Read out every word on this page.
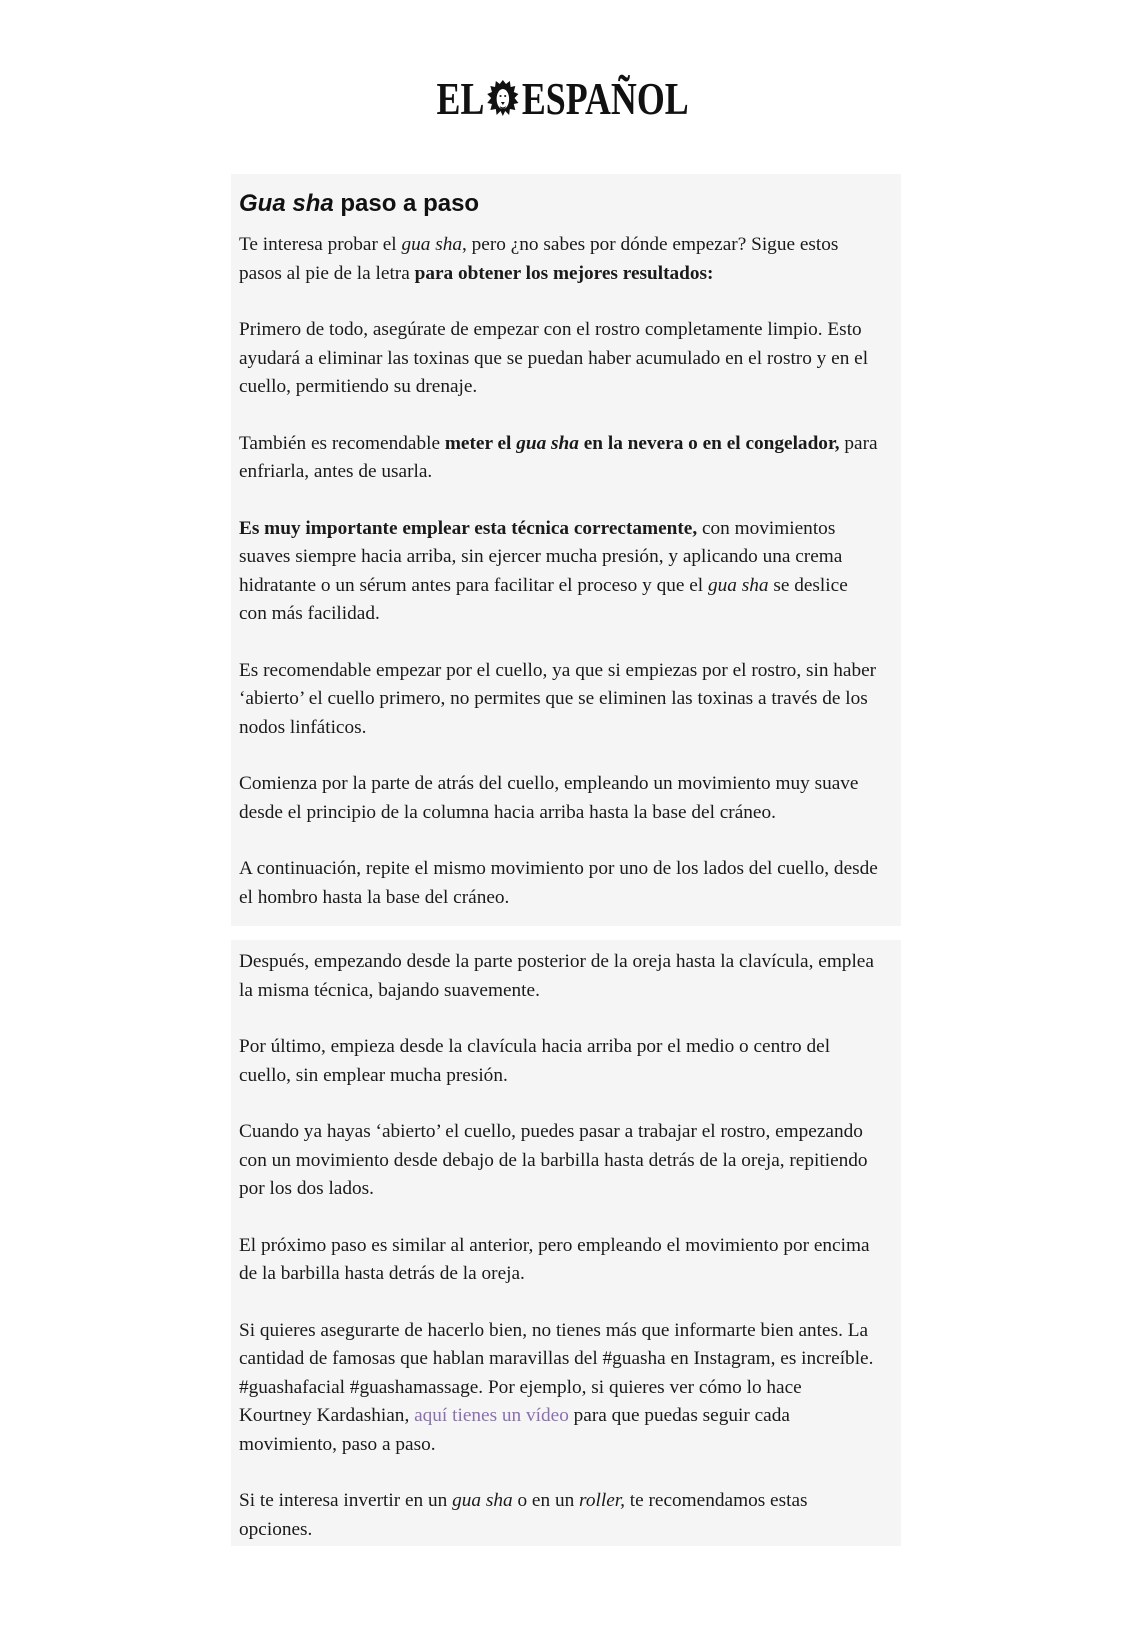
EL ESPAÑOL
Gua sha paso a paso

Te interesa probar el gua sha, pero ¿no sabes por dónde empezar? Sigue estos pasos al pie de la letra para obtener los mejores resultados:

Primero de todo, asegúrate de empezar con el rostro completamente limpio. Esto ayudará a eliminar las toxinas que se puedan haber acumulado en el rostro y en el cuello, permitiendo su drenaje.

También es recomendable meter el gua sha en la nevera o en el congelador, para enfriarla, antes de usarla.

Es muy importante emplear esta técnica correctamente, con movimientos suaves siempre hacia arriba, sin ejercer mucha presión, y aplicando una crema hidratante o un sérum antes para facilitar el proceso y que el gua sha se deslice con más facilidad.

Es recomendable empezar por el cuello, ya que si empiezas por el rostro, sin haber ‘abierto’ el cuello primero, no permites que se eliminen las toxinas a través de los nodos linfáticos.

Comienza por la parte de atrás del cuello, empleando un movimiento muy suave desde el principio de la columna hacia arriba hasta la base del cráneo.

A continuación, repite el mismo movimiento por uno de los lados del cuello, desde el hombro hasta la base del cráneo.

Después, empezando desde la parte posterior de la oreja hasta la clavícula, emplea la misma técnica, bajando suavemente.

Por último, empieza desde la clavícula hacia arriba por el medio o centro del cuello, sin emplear mucha presión.

Cuando ya hayas ‘abierto’ el cuello, puedes pasar a trabajar el rostro, empezando con un movimiento desde debajo de la barbilla hasta detrás de la oreja, repitiendo por los dos lados.

El próximo paso es similar al anterior, pero empleando el movimiento por encima de la barbilla hasta detrás de la oreja.

Si quieres asegurarte de hacerlo bien, no tienes más que informarte bien antes. La cantidad de famosas que hablan maravillas del #guasha en Instagram, es increíble. #guashafacial #guashamassage. Por ejemplo, si quieres ver cómo lo hace Kourtney Kardashian, aquí tienes un vídeo para que puedas seguir cada movimiento, paso a paso.

Si te interesa invertir en un gua sha o en un roller, te recomendamos estas opciones.
